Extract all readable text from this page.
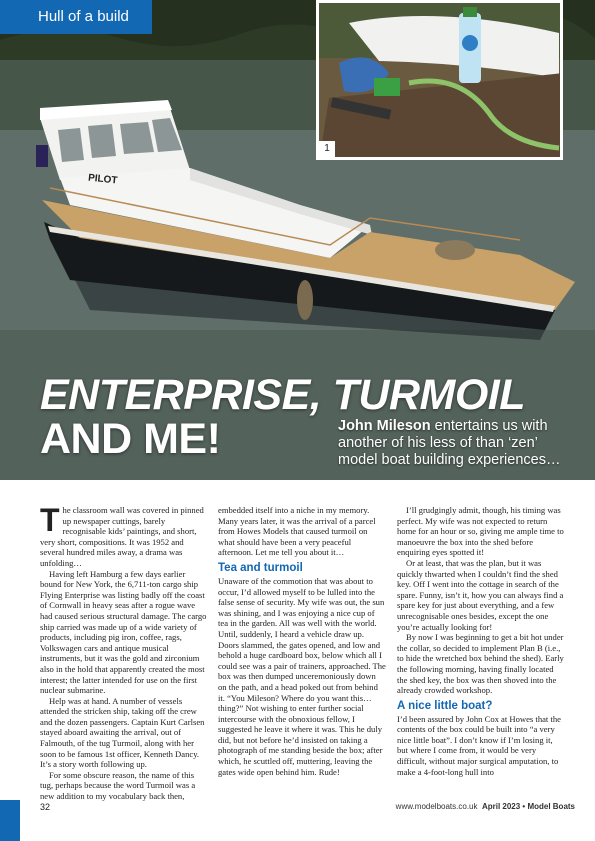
PILOT
Hull of a build
1
ENTERPRISE, TURMOIL
AND ME!	John Mileson entertains us with another of his less of than ‘zen’ model boat building experiences…

The classroom wall was covered in pinned up newspaper cuttings, barely recognisable kids’ paintings, and short, very short, compositions. It was 1952 and several hundred miles away, a drama was unfolding…

Having left Hamburg a few days earlier bound for New York, the 6,711-ton cargo ship Flying Enterprise was listing badly off the coast of Cornwall in heavy seas after a rogue wave had caused serious structural damage. The cargo ship carried was made up of a wide variety of products, including pig iron, coffee, rags, Volkswagen cars and antique musical instruments, but it was the gold and zirconium also in the hold that apparently created the most interest; the latter intended for use on the first nuclear submarine.

Help was at hand. A number of vessels attended the stricken ship, taking off the crew and the dozen passengers. Captain Kurt Carlsen stayed aboard awaiting the arrival, out of Falmouth, of the tug Turmoil, along with her soon to be famous 1st officer, Kenneth Dancy. It’s a story worth following up.

For some obscure reason, the name of this tug, perhaps because the word Turmoil was a new addition to my vocabulary back then,

embedded itself into a niche in my memory. Many years later, it was the arrival of a parcel from Howes Models that caused turmoil on what should have been a very peaceful afternoon. Let me tell you about it…

Tea and turmoil

Unaware of the commotion that was about to occur, I’d allowed myself to be lulled into the false sense of security. My wife was out, the sun was shining, and I was enjoying a nice cup of tea in the garden. All was well with the world. Until, suddenly, I heard a vehicle draw up. Doors slammed, the gates opened, and low and behold a huge cardboard box, below which all I could see was a pair of trainers, approached. The box was then dumped unceremoniously down on the path, and a head poked out from behind it. “You Mileson? Where do you want this… thing?” Not wishing to enter further social intercourse with the obnoxious fellow, I suggested he leave it where it was. This he duly did, but not before he’d insisted on taking a photograph of me standing beside the box; after which, he scuttled off, muttering, leaving the gates wide open behind him. Rude!

I’ll grudgingly admit, though, his timing was perfect. My wife was not expected to return home for an hour or so, giving me ample time to manoeuvre the box into the shed before enquiring eyes spotted it!

Or at least, that was the plan, but it was quickly thwarted when I couldn’t find the shed key. Off I went into the cottage in search of the spare. Funny, isn’t it, how you can always find a spare key for just about everything, and a few unrecognisable ones besides, except the one you’re actually looking for!

By now I was beginning to get a bit hot under the collar, so decided to implement Plan B (i.e., to hide the wretched box behind the shed). Early the following morning, having finally located the shed key, the box was then shoved into the already crowded workshop.

A nice little boat?

I’d been assured by John Cox at Howes that the contents of the box could be built into “a very nice little boat”. I don’t know if I’m losing it, but where I come from, it would be very difficult, without major surgical amputation, to make a 4-foot-long hull into

32	www.modelboats.co.uk April 2023 • Model Boats
